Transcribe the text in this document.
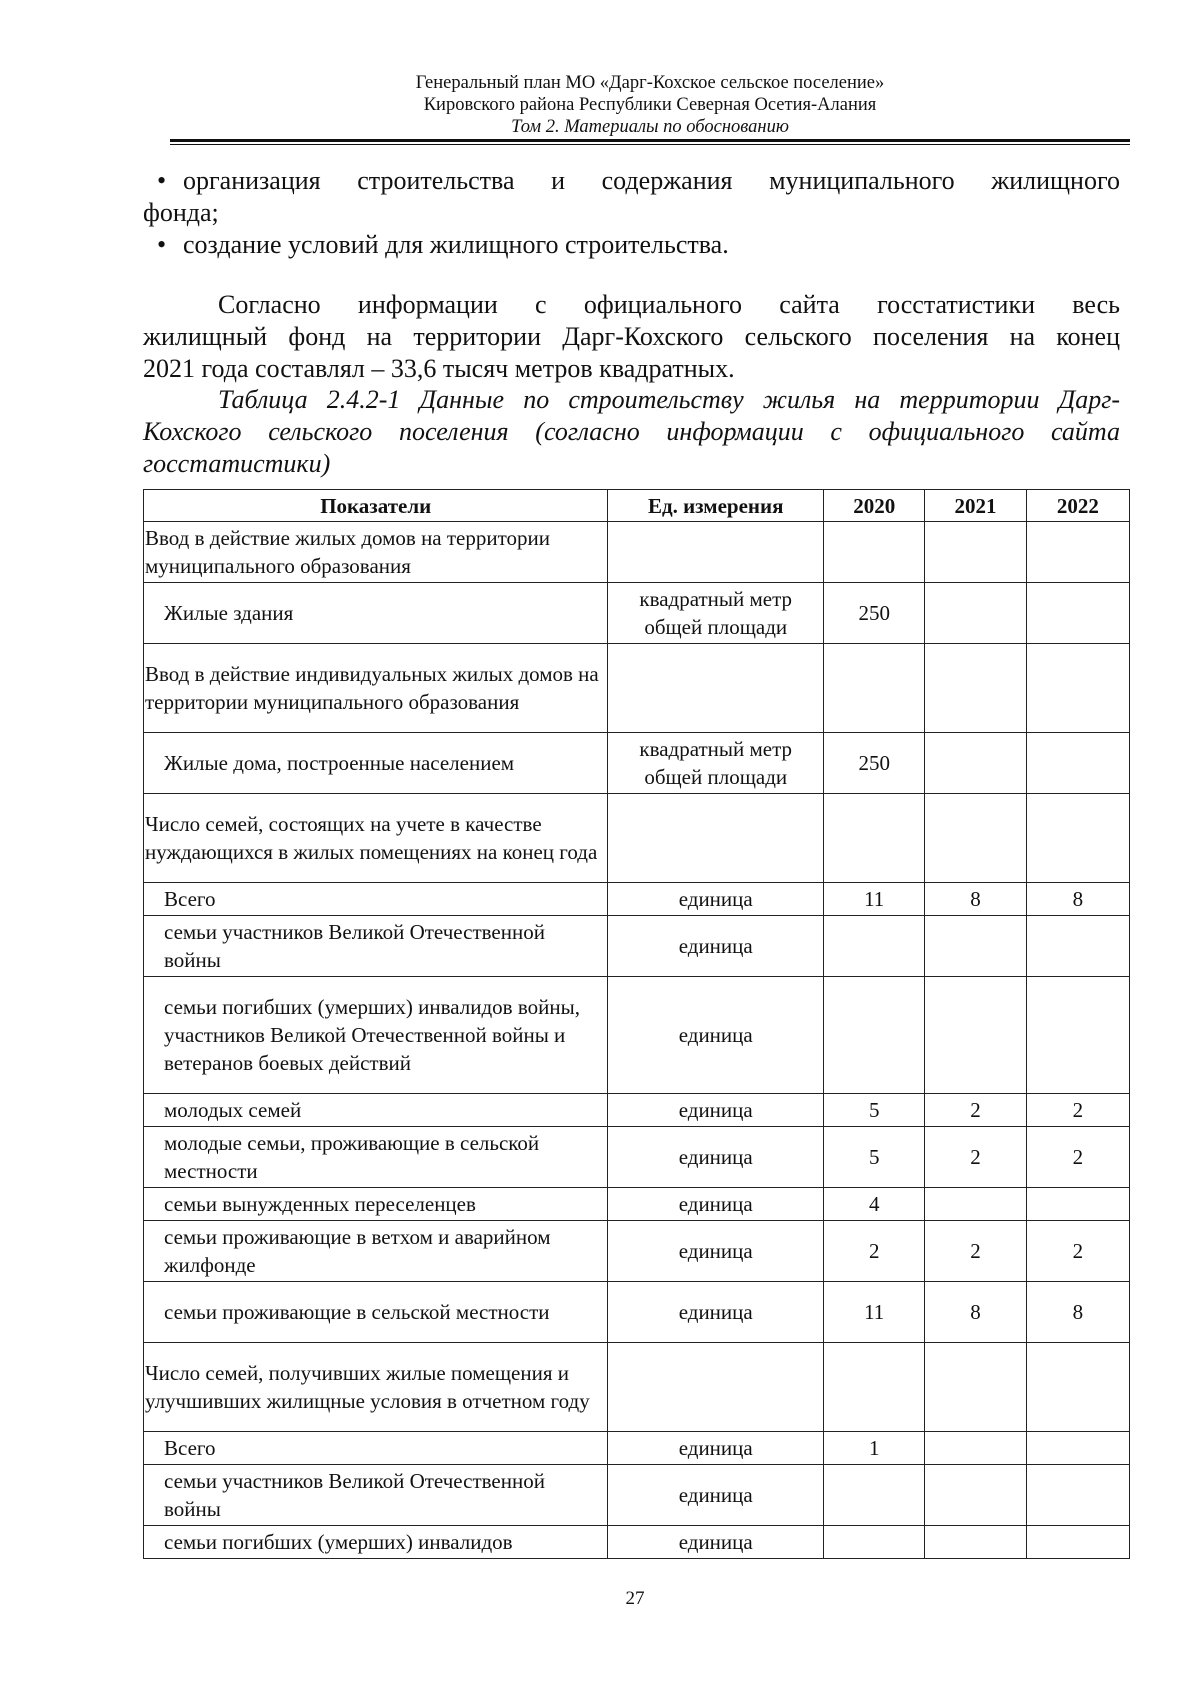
Генеральный план МО «Дарг-Кохское сельское поселение»
Кировского района Республики Северная Осетия-Алания
Том 2. Материалы по обоснованию
• организация строительства и содержания муниципального жилищного
фонда;
• создание условий для жилищного строительства.
Согласно информации с официального сайта госстатистики весь
жилищный фонд на территории Дарг-Кохского сельского поселения на конец
2021 года составлял – 33,6 тысяч метров квадратных.
Таблица 2.4.2-1 Данные по строительству жилья на территории Дарг-
Кохского сельского поселения (согласно информации с официального сайта
госстатистики)
Показатели	Ед. измерения	2020	2021	2022
Ввод в действие жилых домов на территории муниципального образования				
Жилые здания	квадратный метр общей площади	250		
Ввод в действие индивидуальных жилых домов на территории муниципального образования				
Жилые дома, построенные населением	квадратный метр общей площади	250		
Число семей, состоящих на учете в качестве нуждающихся в жилых помещениях на конец года				
Всего	единица	11	8	8
семьи участников Великой Отечественной войны	единица			
семьи погибших (умерших) инвалидов войны, участников Великой Отечественной войны и ветеранов боевых действий	единица			
молодых семей	единица	5	2	2
молодые семьи, проживающие в сельской местности	единица	5	2	2
семьи вынужденных переселенцев	единица	4		
семьи проживающие в ветхом и аварийном жилфонде	единица	2	2	2
семьи проживающие в сельской местности	единица	11	8	8
Число семей, получивших жилые помещения и улучшивших жилищные условия в отчетном году				
Всего	единица	1		
семьи участников Великой Отечественной войны	единица			
семьи погибших (умерших) инвалидов	единица			
27
